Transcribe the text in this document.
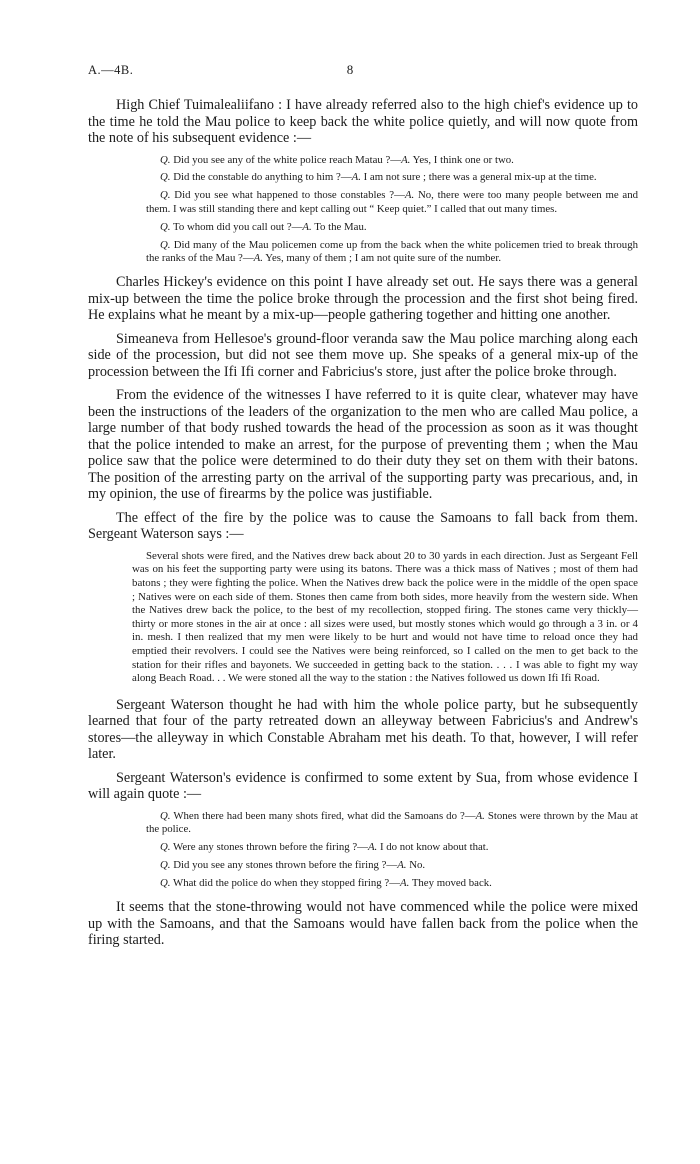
A.—4B.	8

High Chief Tuimalealiifano : I have already referred also to the high chief's evidence up to the time he told the Mau police to keep back the white police quietly, and will now quote from the note of his subsequent evidence :—

Q. Did you see any of the white police reach Matau ?—A. Yes, I think one or two.

Q. Did the constable do anything to him ?—A. I am not sure ; there was a general mix-up at the time.

Q. Did you see what happened to those constables ?—A. No, there were too many people between me and them. I was still standing there and kept calling out “ Keep quiet.” I called that out many times.

Q. To whom did you call out ?—A. To the Mau.

Q. Did many of the Mau policemen come up from the back when the white policemen tried to break through the ranks of the Mau ?—A. Yes, many of them ; I am not quite sure of the number.

Charles Hickey's evidence on this point I have already set out. He says there was a general mix-up between the time the police broke through the procession and the first shot being fired. He explains what he meant by a mix-up—people gathering together and hitting one another.

Simeaneva from Hellesoe's ground-floor veranda saw the Mau police marching along each side of the procession, but did not see them move up. She speaks of a general mix-up of the procession between the Ifi Ifi corner and Fabricius's store, just after the police broke through.

From the evidence of the witnesses I have referred to it is quite clear, whatever may have been the instructions of the leaders of the organization to the men who are called Mau police, a large number of that body rushed towards the head of the procession as soon as it was thought that the police intended to make an arrest, for the purpose of preventing them ; when the Mau police saw that the police were determined to do their duty they set on them with their batons. The position of the arresting party on the arrival of the supporting party was precarious, and, in my opinion, the use of firearms by the police was justifiable.

The effect of the fire by the police was to cause the Samoans to fall back from them. Sergeant Waterson says :—

Several shots were fired, and the Natives drew back about 20 to 30 yards in each direction. Just as Sergeant Fell was on his feet the supporting party were using its batons. There was a thick mass of Natives ; most of them had batons ; they were fighting the police. When the Natives drew back the police were in the middle of the open space ; Natives were on each side of them. Stones then came from both sides, more heavily from the western side. When the Natives drew back the police, to the best of my recollection, stopped firing. The stones came very thickly—thirty or more stones in the air at once : all sizes were used, but mostly stones which would go through a 3 in. or 4 in. mesh. I then realized that my men were likely to be hurt and would not have time to reload once they had emptied their revolvers. I could see the Natives were being reinforced, so I called on the men to get back to the station for their rifles and bayonets. We succeeded in getting back to the station. . . . I was able to fight my way along Beach Road. . . We were stoned all the way to the station : the Natives followed us down Ifi Ifi Road.

Sergeant Waterson thought he had with him the whole police party, but he subsequently learned that four of the party retreated down an alleyway between Fabricius's and Andrew's stores—the alleyway in which Constable Abraham met his death. To that, however, I will refer later.

Sergeant Waterson's evidence is confirmed to some extent by Sua, from whose evidence I will again quote :—

Q. When there had been many shots fired, what did the Samoans do ?—A. Stones were thrown by the Mau at the police.

Q. Were any stones thrown before the firing ?—A. I do not know about that.

Q. Did you see any stones thrown before the firing ?—A. No.

Q. What did the police do when they stopped firing ?—A. They moved back.

It seems that the stone-throwing would not have commenced while the police were mixed up with the Samoans, and that the Samoans would have fallen back from the police when the firing started.
